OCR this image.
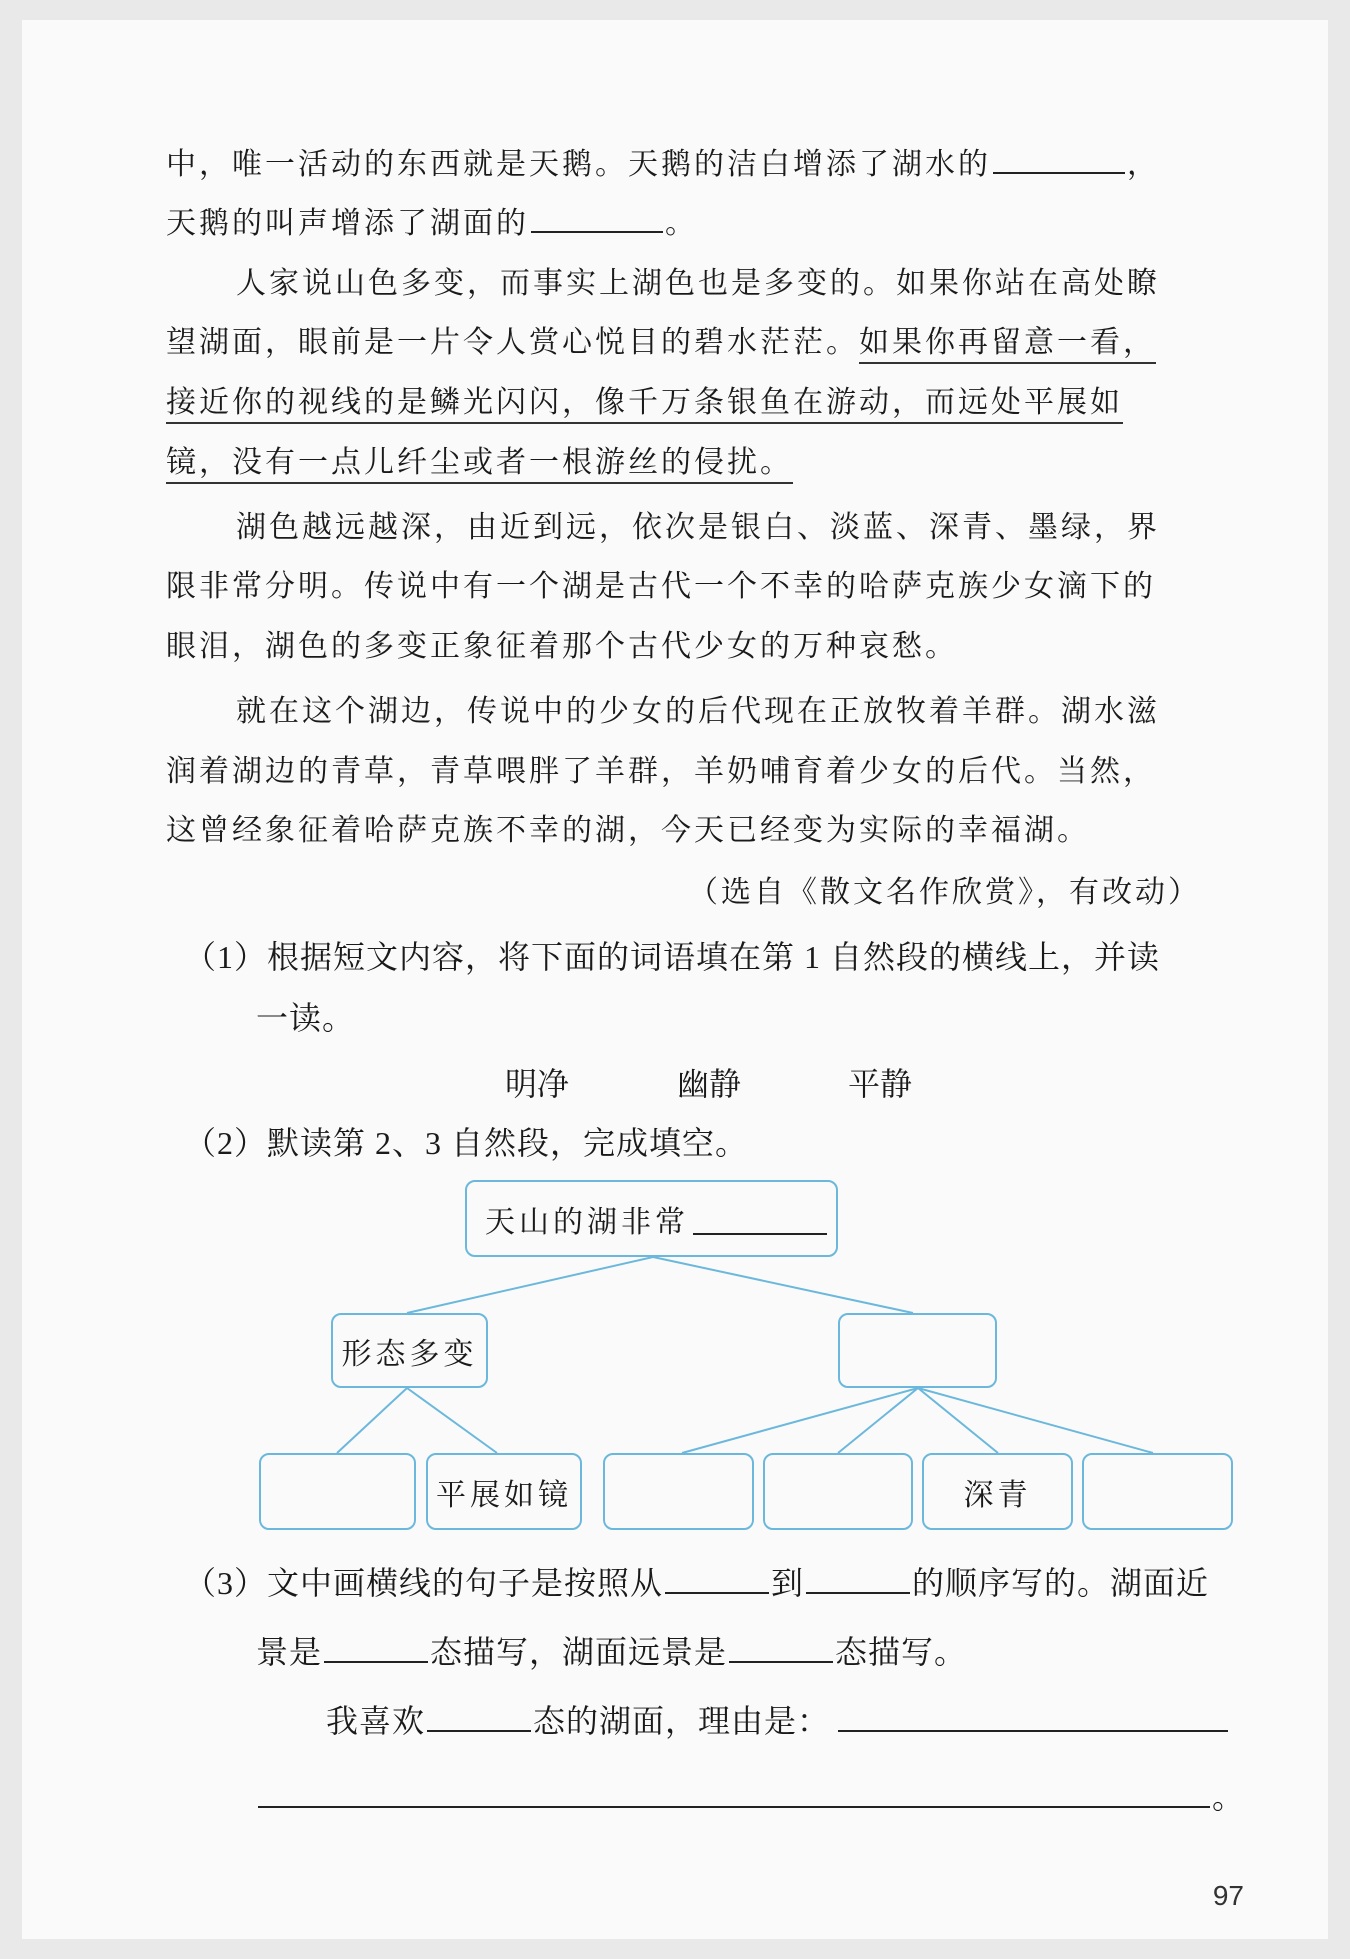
中，唯一活动的东西就是天鹅。天鹅的洁白增添了湖水的	，
天鹅的叫声增添了湖面的	。
人家说山色多变，而事实上湖色也是多变的。如果你站在高处瞭
望湖面，眼前是一片令人赏心悦目的碧水茫茫。如果你再留意一看，
接近你的视线的是鳞光闪闪，像千万条银鱼在游动，而远处平展如
镜，没有一点儿纤尘或者一根游丝的侵扰。
湖色越远越深，由近到远，依次是银白、淡蓝、深青、墨绿，界
限非常分明。传说中有一个湖是古代一个不幸的哈萨克族少女滴下的
眼泪，湖色的多变正象征着那个古代少女的万种哀愁。
就在这个湖边，传说中的少女的后代现在正放牧着羊群。湖水滋
润着湖边的青草，青草喂胖了羊群，羊奶哺育着少女的后代。当然，
这曾经象征着哈萨克族不幸的湖，今天已经变为实际的幸福湖。
（选自《散文名作欣赏》，有改动）
（1）根据短文内容，将下面的词语填在第 1 自然段的横线上，并读
一读。
明净	幽静	平静
（2）默读第 2、3 自然段，完成填空。
天山的湖非常
形态多变
平展如镜	深青
（3）文中画横线的句子是按照从	到	的顺序写的。湖面近
景是	态描写，湖面远景是	态描写。
我喜欢	态的湖面，理由是：
。
97
